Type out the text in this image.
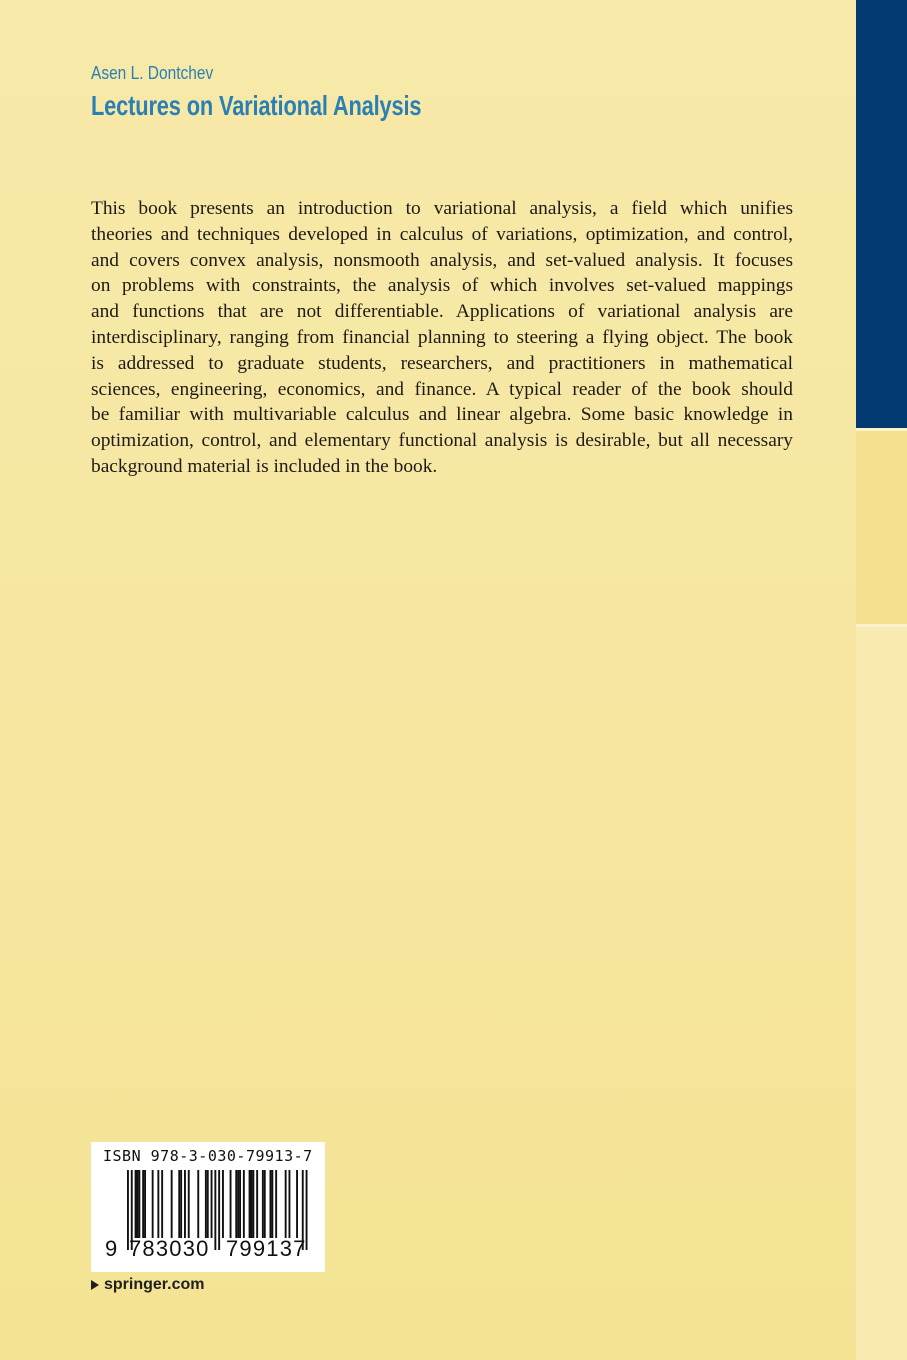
Asen L. Dontchev
Lectures on Variational Analysis
This book presents an introduction to variational analysis, a field which unifies
theories and techniques developed in calculus of variations, optimization, and control,
and covers convex analysis, nonsmooth analysis, and set-valued analysis. It focuses
on problems with constraints, the analysis of which involves set-valued mappings
and functions that are not differentiable. Applications of variational analysis are
interdisciplinary, ranging from financial planning to steering a flying object. The book
is addressed to graduate students, researchers, and practitioners in mathematical
sciences, engineering, economics, and finance. A typical reader of the book should
be familiar with multivariable calculus and linear algebra. Some basic knowledge in
optimization, control, and elementary functional analysis is desirable, but all necessary
background material is included in the book.
ISBN 978-3-030-79913-7
9 783030 799137
springer.com
